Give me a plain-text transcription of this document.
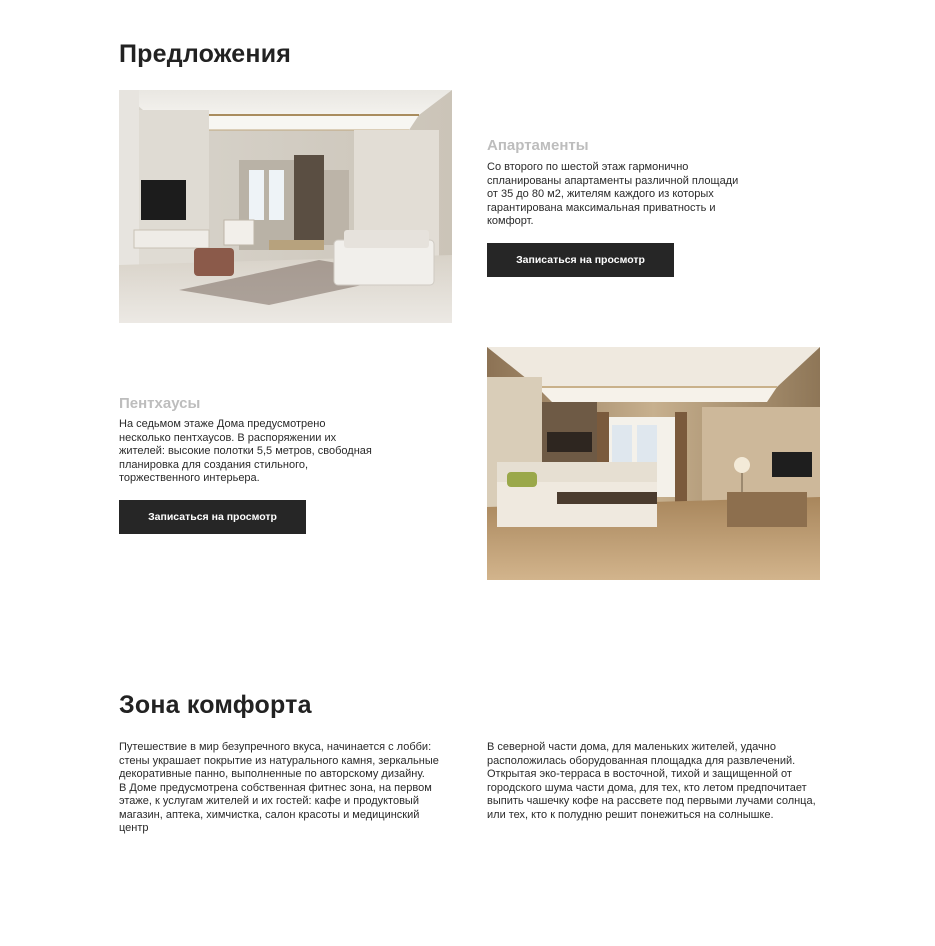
Предложения
Апартаменты

Со второго по шестой этаж гармонично
спланированы апартаменты различной площади
от 35 до 80 м2, жителям каждого из которых
гарантирована максимальная приватность и
комфорт.

Записаться на просмотр
Пентхаусы

На седьмом этаже Дома предусмотрено
несколько пентхаусов. В распоряжении их
жителей: высокие полотки 5,5 метров, свободная
планировка для создания стильного,
торжественного интерьера.

Записаться на просмотр
Зона комфорта

Путешествие в мир безупречного вкуса, начинается с лобби:
стены украшает покрытие из натурального камня, зеркальные
декоративные панно, выполненные по авторскому дизайну.
В Доме предусмотрена собственная фитнес зона, на первом
этаже, к услугам жителей и их гостей: кафе и продуктовый
магазин, аптека, химчистка, салон красоты и медицинский
центр

В северной части дома, для маленьких жителей, удачно
расположилась оборудованная площадка для развлечений.
Открытая эко-терраса в восточной, тихой и защищенной от
городского шума части дома, для тех, кто летом предпочитает
выпить чашечку кофе на рассвете под первыми лучами солнца,
или тех, кто к полудню решит понежиться на солнышке.
